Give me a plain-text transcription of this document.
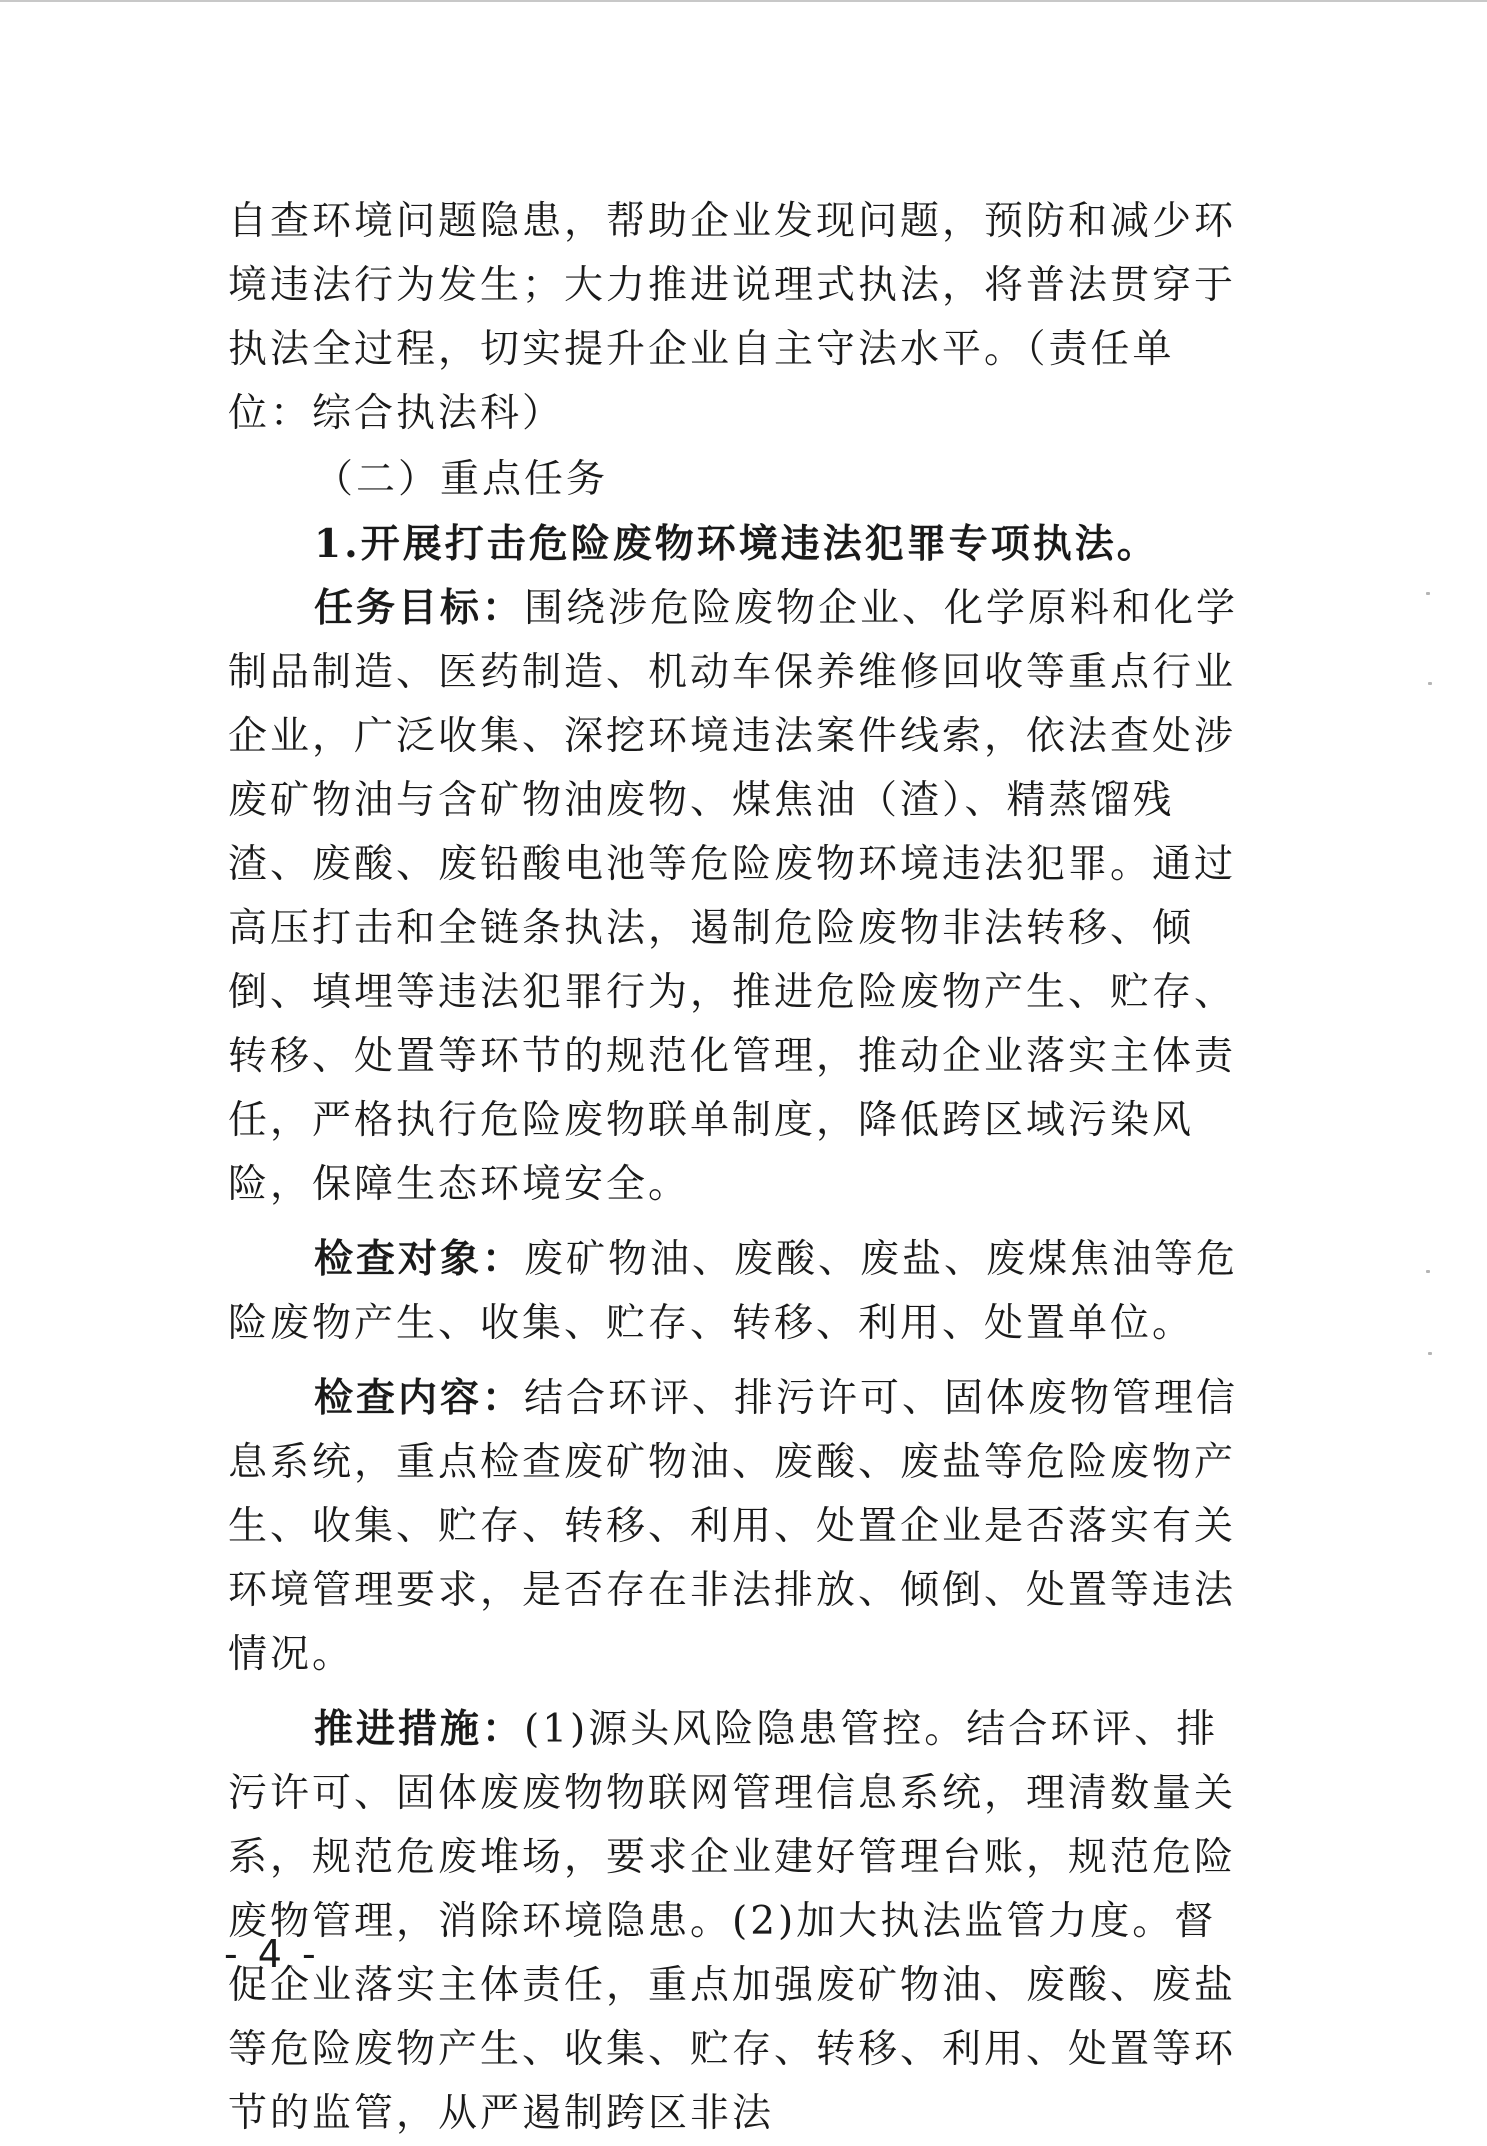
自查环境问题隐患，帮助企业发现问题，预防和减少环境违法行为发生；大力推进说理式执法，将普法贯穿于执法全过程，切实提升企业自主守法水平。（责任单位：综合执法科）

（二）重点任务

1.开展打击危险废物环境违法犯罪专项执法。

任务目标：围绕涉危险废物企业、化学原料和化学制品制造、医药制造、机动车保养维修回收等重点行业企业，广泛收集、深挖环境违法案件线索，依法查处涉废矿物油与含矿物油废物、煤焦油（渣）、精蒸馏残渣、废酸、废铅酸电池等危险废物环境违法犯罪。通过高压打击和全链条执法，遏制危险废物非法转移、倾倒、填埋等违法犯罪行为，推进危险废物产生、贮存、转移、处置等环节的规范化管理，推动企业落实主体责任，严格执行危险废物联单制度，降低跨区域污染风险，保障生态环境安全。

检查对象：废矿物油、废酸、废盐、废煤焦油等危险废物产生、收集、贮存、转移、利用、处置单位。

检查内容：结合环评、排污许可、固体废物管理信息系统，重点检查废矿物油、废酸、废盐等危险废物产生、收集、贮存、转移、利用、处置企业是否落实有关环境管理要求，是否存在非法排放、倾倒、处置等违法情况。

推进措施：(1)源头风险隐患管控。结合环评、排污许可、固体废废物物联网管理信息系统，理清数量关系，规范危废堆场，要求企业建好管理台账，规范危险废物管理，消除环境隐患。(2)加大执法监管力度。督促企业落实主体责任，重点加强废矿物油、废酸、废盐等危险废物产生、收集、贮存、转移、利用、处置等环节的监管，从严遏制跨区非法

- 4 -
